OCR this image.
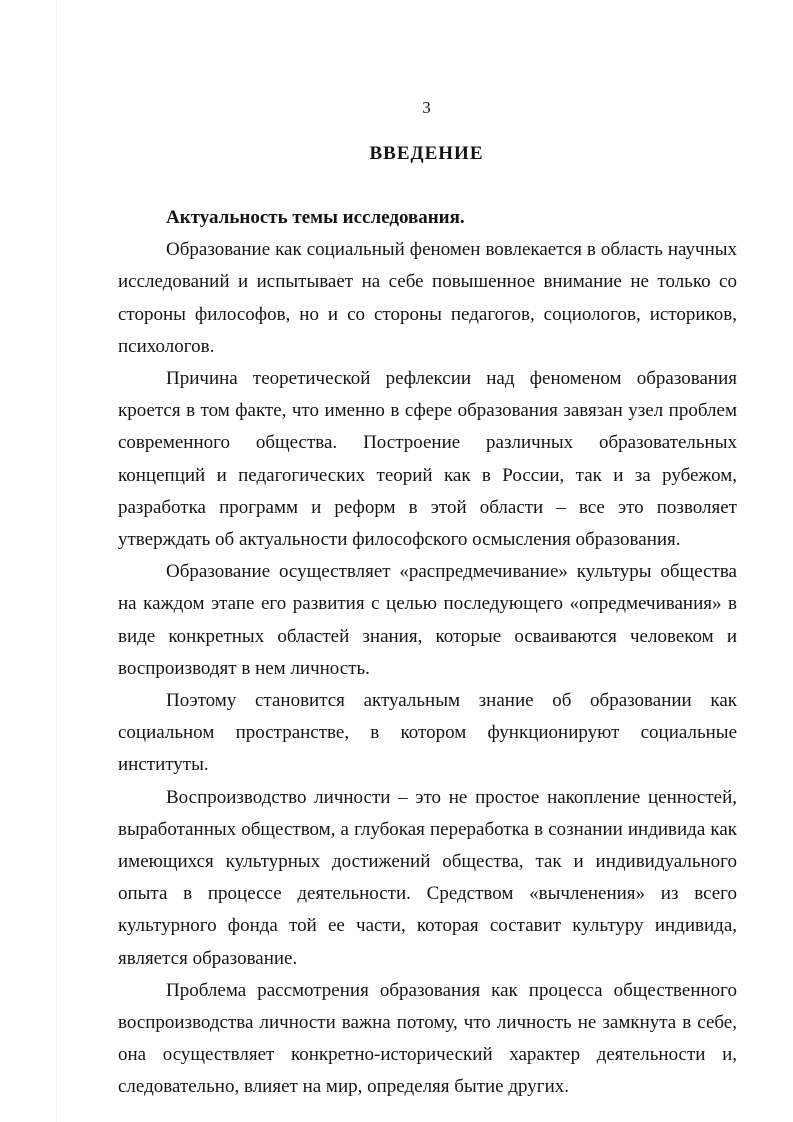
3
ВВЕДЕНИЕ

Актуальность темы исследования.

Образование как социальный феномен вовлекается в область научных исследований и испытывает на себе повышенное внимание не только со стороны философов, но и со стороны педагогов, социологов, историков, психологов.

Причина теоретической рефлексии над феноменом образования кроется в том факте, что именно в сфере образования завязан узел проблем современного общества. Построение различных образовательных концепций и педагогических теорий как в России, так и за рубежом, разработка программ и реформ в этой области – все это позволяет утверждать об актуальности философского осмысления образования.

Образование осуществляет «распредмечивание» культуры общества на каждом этапе его развития с целью последующего «опредмечивания» в виде конкретных областей знания, которые осваиваются человеком и воспроизводят в нем личность.

Поэтому становится актуальным знание об образовании как социальном пространстве, в котором функционируют социальные институты.

Воспроизводство личности – это не простое накопление ценностей, выработанных обществом, а глубокая переработка в сознании индивида как имеющихся культурных достижений общества, так и индивидуального опыта в процессе деятельности. Средством «вычленения» из всего культурного фонда той ее части, которая составит культуру индивида, является образование.

Проблема рассмотрения образования как процесса общественного воспроизводства личности важна потому, что личность не замкнута в себе, она осуществляет конкретно-исторический характер деятельности и, следовательно, влияет на мир, определяя бытие других.
